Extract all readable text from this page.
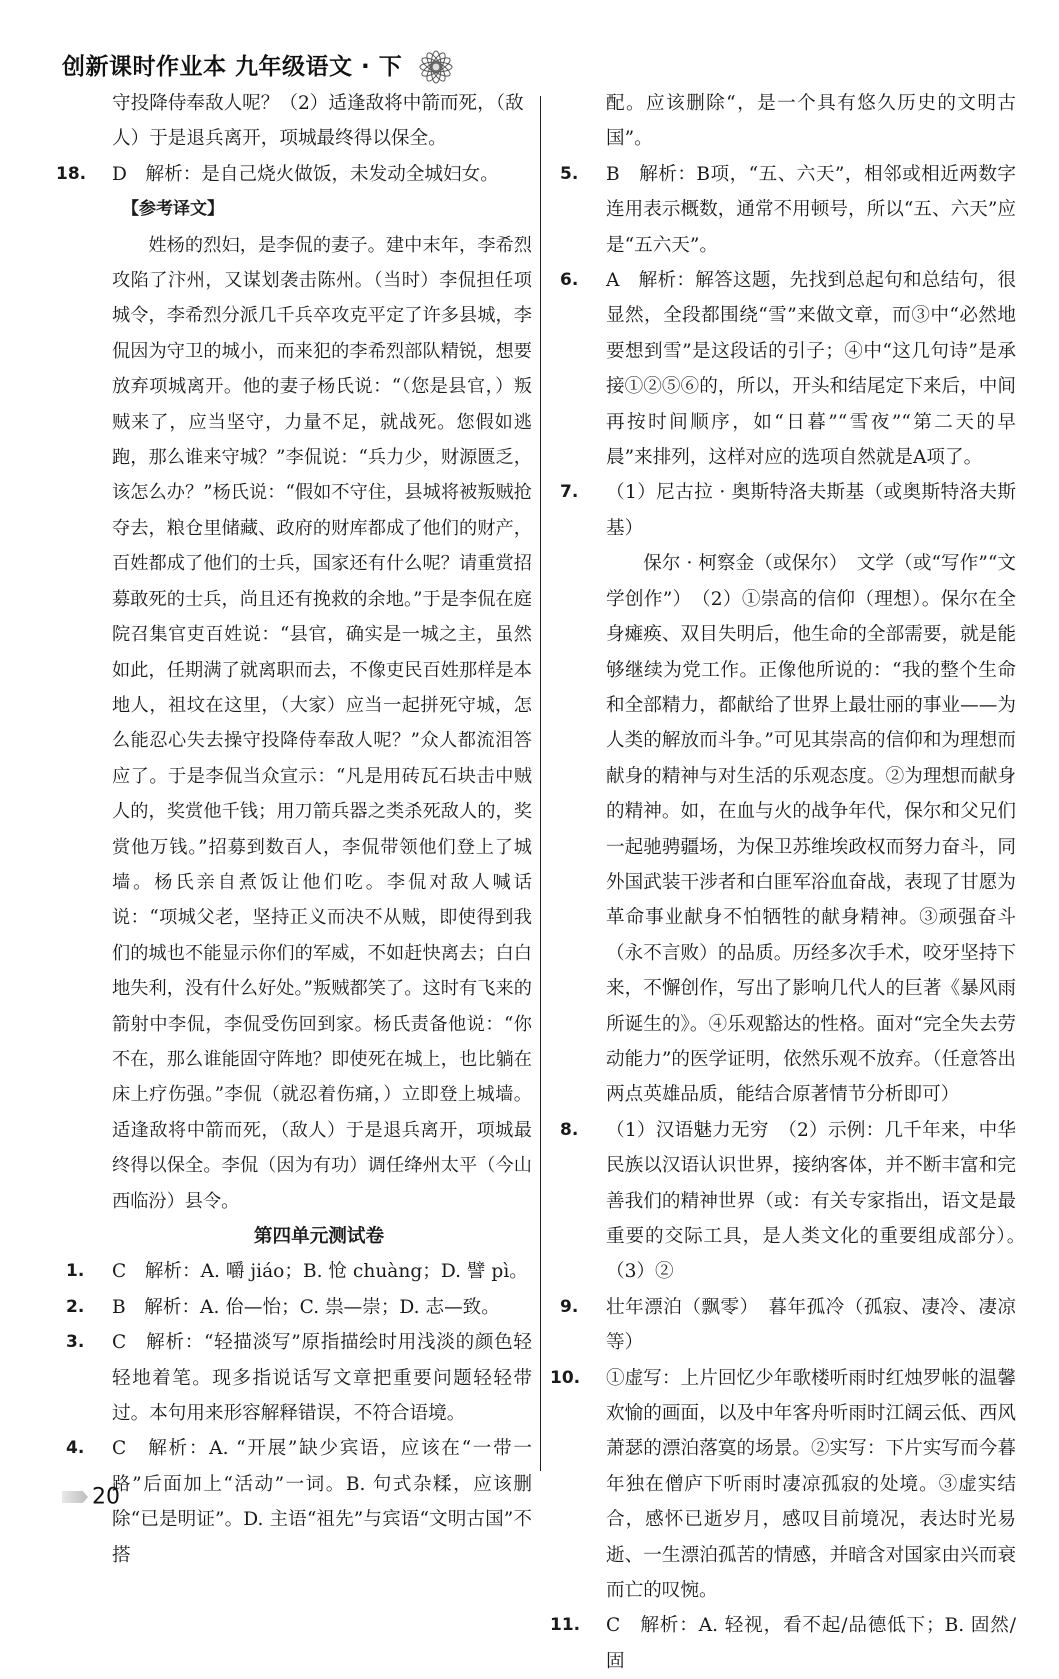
创新课时作业本 九年级语文 · 下

守投降侍奉敌人呢？（2）适逢敌将中箭而死，（敌

人）于是退兵离开，项城最终得以保全。

18. D　解析：是自己烧火做饭，未发动全城妇女。

【参考译文】

姓杨的烈妇，是李侃的妻子。建中末年，李希烈攻陷了汴州，又谋划袭击陈州。（当时）李侃担任项城令，李希烈分派几千兵卒攻克平定了许多县城，李侃因为守卫的城小，而来犯的李希烈部队精锐，想要放弃项城离开。他的妻子杨氏说：“（您是县官，）叛贼来了，应当坚守，力量不足，就战死。您假如逃跑，那么谁来守城？”李侃说：“兵力少，财源匮乏，该怎么办？”杨氏说：“假如不守住，县城将被叛贼抢夺去，粮仓里储藏、政府的财库都成了他们的财产，百姓都成了他们的士兵，国家还有什么呢？请重赏招募敢死的士兵，尚且还有挽救的余地。”于是李侃在庭院召集官吏百姓说：“县官，确实是一城之主，虽然如此，任期满了就离职而去，不像吏民百姓那样是本地人，祖坟在这里，（大家）应当一起拼死守城，怎么能忍心失去操守投降侍奉敌人呢？”众人都流泪答应了。于是李侃当众宣示：“凡是用砖瓦石块击中贼人的，奖赏他千钱；用刀箭兵器之类杀死敌人的，奖赏他万钱。”招募到数百人，李侃带领他们登上了城墙。杨氏亲自煮饭让他们吃。李侃对敌人喊话说：“项城父老，坚持正义而决不从贼，即使得到我们的城也不能显示你们的军威，不如赶快离去；白白地失利，没有什么好处。”叛贼都笑了。这时有飞来的箭射中李侃，李侃受伤回到家。杨氏责备他说：“你不在，那么谁能固守阵地？即使死在城上，也比躺在床上疗伤强。”李侃（就忍着伤痛，）立即登上城墙。适逢敌将中箭而死，（敌人）于是退兵离开，项城最终得以保全。李侃（因为有功）调任绛州太平（今山西临汾）县令。

第四单元测试卷

1. C　解析：A. 嚼 jiáo；B. 怆 chuàng；D. 譬 pì。
2. B　解析：A. 佁—怡；C. 祟—崇；D. 志—致。
3. C　解析：“轻描淡写”原指描绘时用浅淡的颜色轻轻地着笔。现多指说话写文章把重要问题轻轻带过。本句用来形容解释错误，不符合语境。
4. C　解析：A. “开展”缺少宾语，应该在“一带一路”后面加上“活动”一词。B. 句式杂糅，应该删除“已是明证”。D. 主语“祖先”与宾语“文明古国”不搭

配。应该删除“，是一个具有悠久历史的文明古国”。

5. B　解析：B项，“五、六天”，相邻或相近两数字连用表示概数，通常不用顿号，所以“五、六天”应是“五六天”。
6. A　解析：解答这题，先找到总起句和总结句，很显然，全段都围绕“雪”来做文章，而③中“必然地要想到雪”是这段话的引子；④中“这几句诗”是承接①②⑤⑥的，所以，开头和结尾定下来后，中间再按时间顺序，如“日暮”“雪夜”“第二天的早晨”来排列，这样对应的选项自然就是A项了。
7. （1）尼古拉 · 奥斯特洛夫斯基（或奥斯特洛夫斯基）

保尔 · 柯察金（或保尔）　文学（或“写作”“文学创作”）　（2）①崇高的信仰（理想）。保尔在全身瘫痪、双目失明后，他生命的全部需要，就是能够继续为党工作。正像他所说的：“我的整个生命和全部精力，都献给了世界上最壮丽的事业——为人类的解放而斗争。”可见其崇高的信仰和为理想而献身的精神与对生活的乐观态度。②为理想而献身的精神。如，在血与火的战争年代，保尔和父兄们一起驰骋疆场，为保卫苏维埃政权而努力奋斗，同外国武装干涉者和白匪军浴血奋战，表现了甘愿为革命事业献身不怕牺牲的献身精神。③顽强奋斗（永不言败）的品质。历经多次手术，咬牙坚持下来，不懈创作，写出了影响几代人的巨著《暴风雨所诞生的》。④乐观豁达的性格。面对“完全失去劳动能力”的医学证明，依然乐观不放弃。（任意答出两点英雄品质，能结合原著情节分析即可）

8. （1）汉语魅力无穷　（2）示例：几千年来，中华民族以汉语认识世界，接纳客体，并不断丰富和完善我们的精神世界（或：有关专家指出，语文是最重要的交际工具，是人类文化的重要组成部分）。　（3）②
9. 壮年漂泊（飘零）　暮年孤冷（孤寂、凄冷、凄凉等）
10. ①虚写：上片回忆少年歌楼听雨时红烛罗帐的温馨欢愉的画面，以及中年客舟听雨时江阔云低、西风萧瑟的漂泊落寞的场景。②实写：下片实写而今暮年独在僧庐下听雨时凄凉孤寂的处境。③虚实结合，感怀已逝岁月，感叹目前境况，表达时光易逝、一生漂泊孤苦的情感，并暗含对国家由兴而衰而亡的叹惋。
11. C　解析：A. 轻视，看不起/品德低下；B. 固然/固
20
